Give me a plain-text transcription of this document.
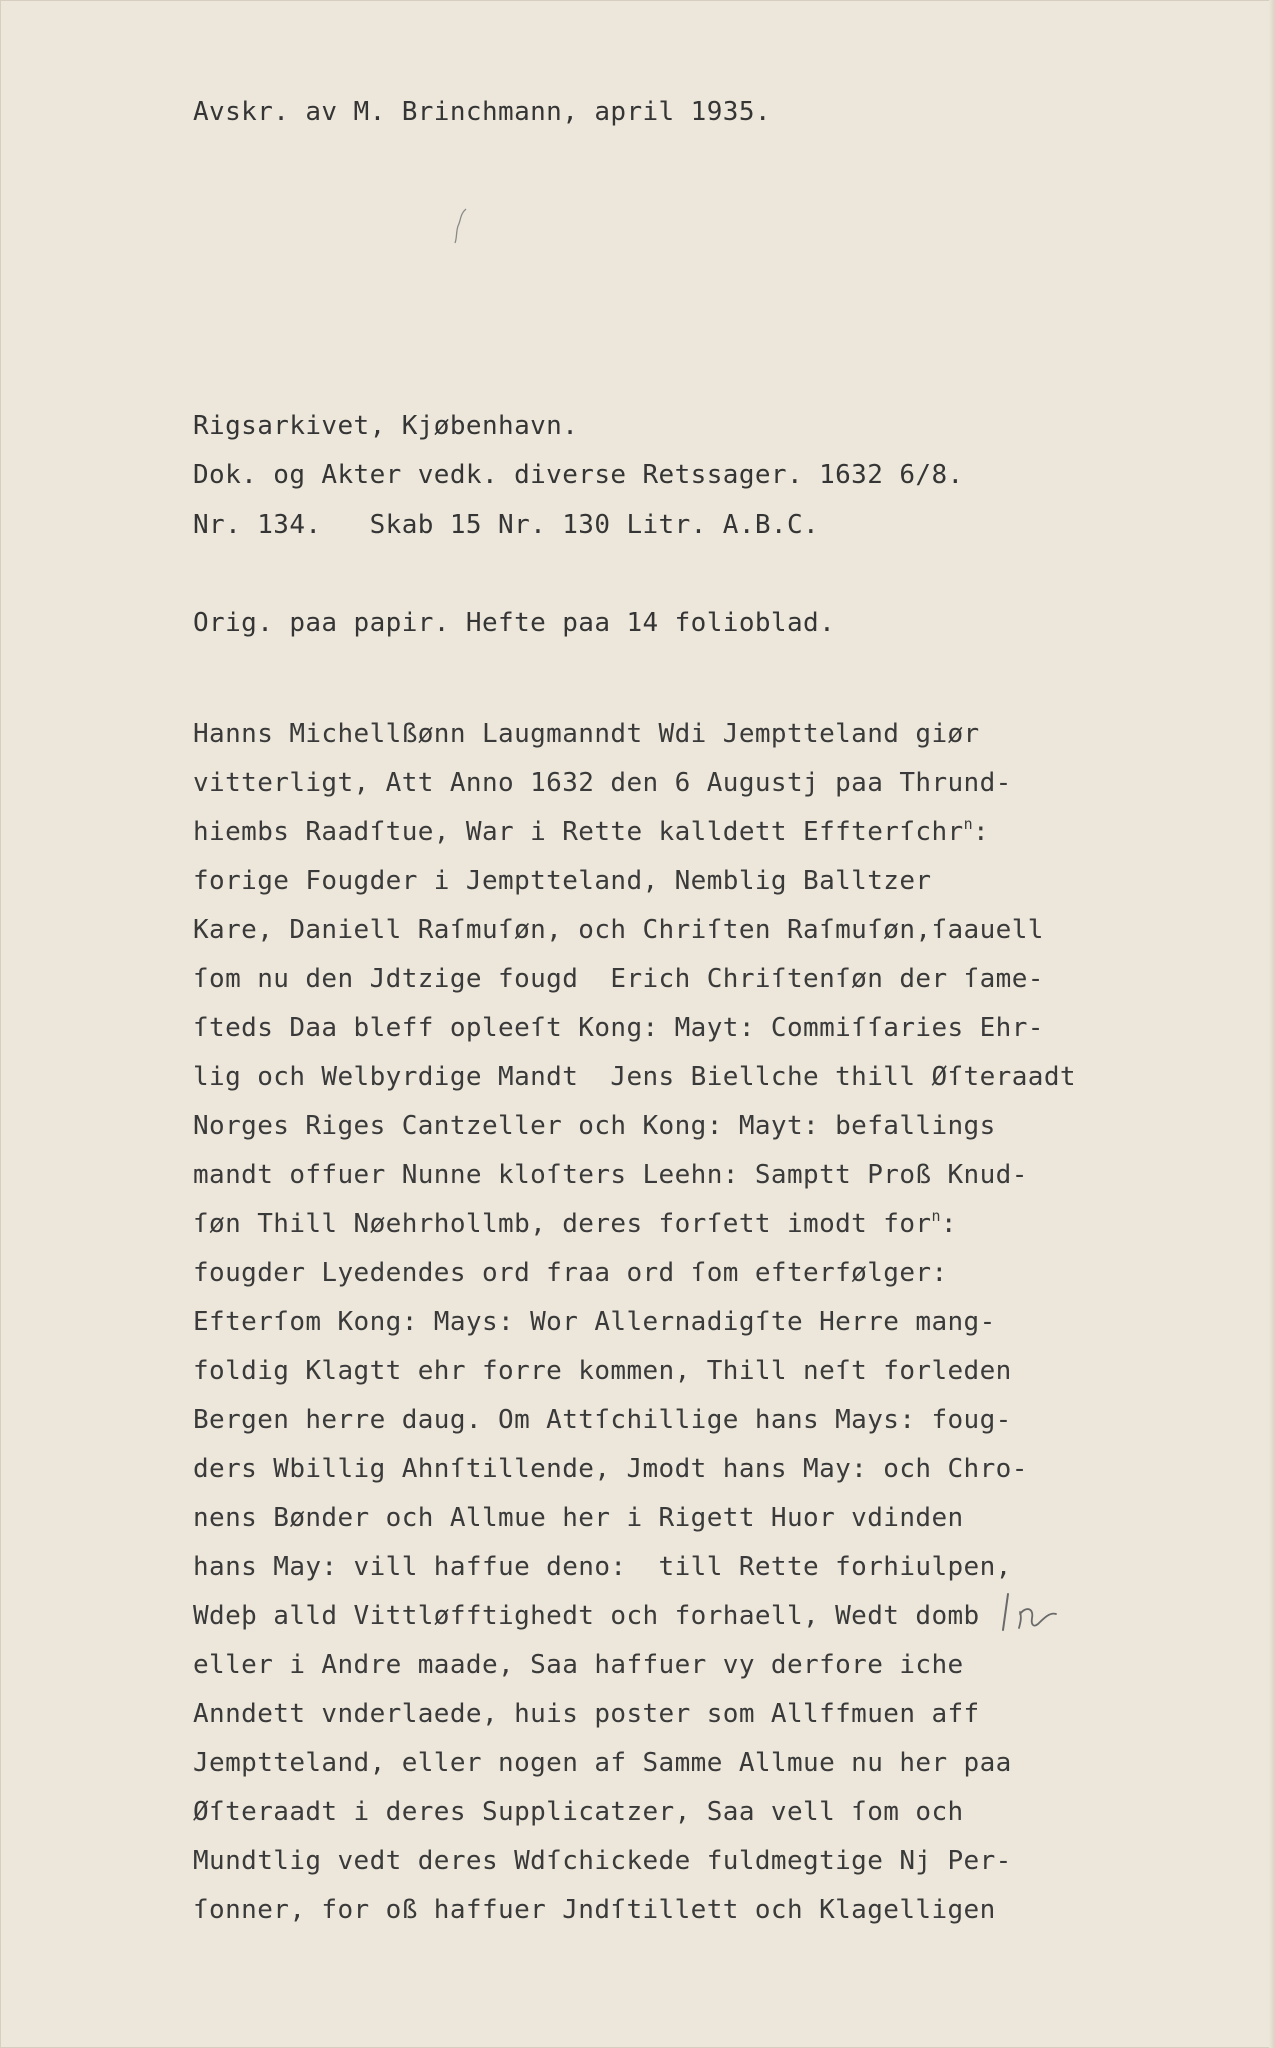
Avskr. av M. Brinchmann, april 1935.

Rigsarkivet, Kjøbenhavn.

Dok. og Akter vedk. diverse Retssager. 1632 6/8.

Nr. 134.   Skab 15 Nr. 130 Litr. A.B.C.

Orig. paa papir. Hefte paa 14 folioblad.

Hanns Michellßønn Laugmanndt Wdi Jemptteland giør

vitterligt, Att Anno 1632 den 6 Augustj paa Thrund-

hiembs Raadſtue, War i Rette kalldett Effterſchr$^n$:

forige Fougder i Jemptteland, Nemblig Balltzer

Kare, Daniell Raſmuſøn, och Chriſten Raſmuſøn,ſaauell

ſom nu den Jdtzige fougd  Erich Chriſtenſøn der ſame-

ſteds Daa bleff opleeſt Kong: Mayt: Commiſſaries Ehr-

lig och Welbyrdige Mandt  Jens Biellche thill Øſteraadt

Norges Riges Cantzeller och Kong: Mayt: befallings

mandt offuer Nunne kloſters Leehn: Samptt Proß Knud-

ſøn Thill Nøehrhollmb, deres forſett imodt for$^n$:

fougder Lyedendes ord fraa ord ſom efterfølger:

Efterſom Kong: Mays: Wor Allernadigſte Herre mang-

foldig Klagtt ehr forre kommen, Thill neſt forleden

Bergen herre daug. Om Attſchillige hans Mays: foug-

ders Wbillig Ahnſtillende, Jmodt hans May: och Chro-

nens Bønder och Allmue her i Rigett Huor vdinden

hans May: vill haffue deno:  till Rette forhiulpen,

Wdeþ alld Vittløfftighedt och forhaell, Wedt domb

eller i Andre maade, Saa haffuer vy derfore iche

Anndett vnderlaede, huis poster som Allffmuen aff

Jemptteland, eller nogen af Samme Allmue nu her paa

Øſteraadt i deres Supplicatzer, Saa vell ſom och

Mundtlig vedt deres Wdſchickede fuldmegtige Nj Per-

ſonner, for oß haffuer Jndſtillett och Klagelligen
